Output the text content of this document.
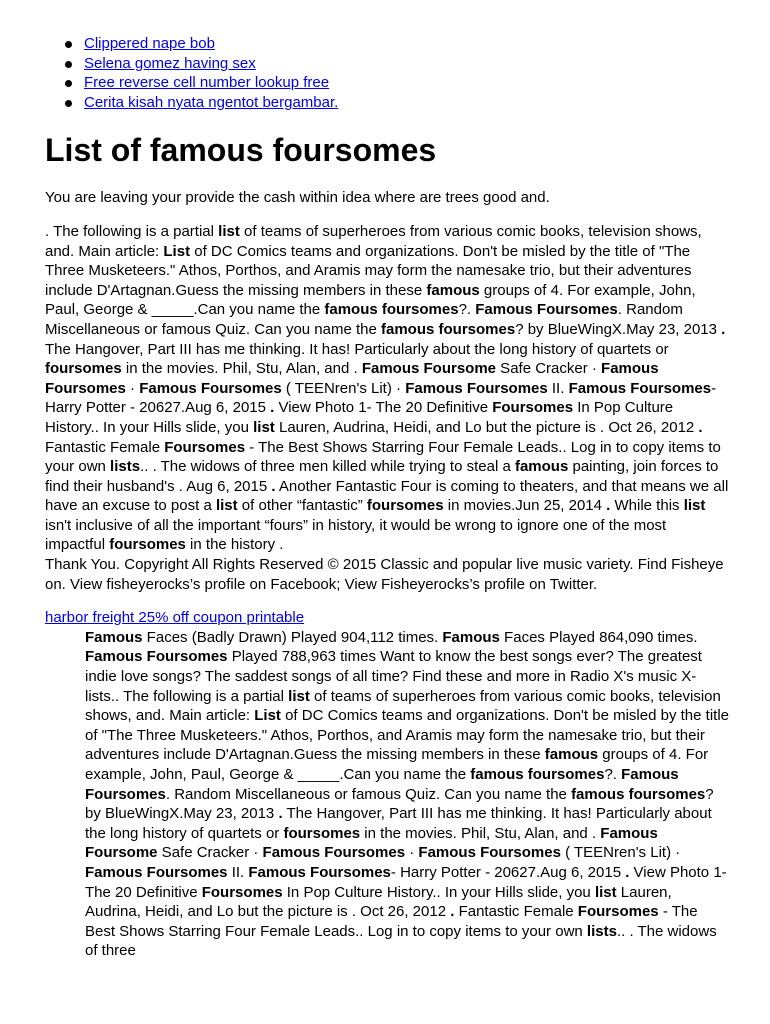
Clippered nape bob
Selena gomez having sex
Free reverse cell number lookup free
Cerita kisah nyata ngentot bergambar.
List of famous foursomes

You are leaving your provide the cash within idea where are trees good and.

. The following is a partial list of teams of superheroes from various comic books, television shows, and. Main article: List of DC Comics teams and organizations. Don't be misled by the title of "The Three Musketeers." Athos, Porthos, and Aramis may form the namesake trio, but their adventures include D'Artagnan.Guess the missing members in these famous groups of 4. For example, John, Paul, George & _____.Can you name the famous foursomes?. Famous Foursomes. Random Miscellaneous or famous Quiz. Can you name the famous foursomes? by BlueWingX.May 23, 2013 . The Hangover, Part III has me thinking. It has! Particularly about the long history of quartets or foursomes in the movies. Phil, Stu, Alan, and . Famous Foursome Safe Cracker · Famous Foursomes · Famous Foursomes ( TEENren's Lit) · Famous Foursomes II. Famous Foursomes- Harry Potter - 20627.Aug 6, 2015 . View Photo 1- The 20 Definitive Foursomes In Pop Culture History.. In your Hills slide, you list Lauren, Audrina, Heidi, and Lo but the picture is . Oct 26, 2012 . Fantastic Female Foursomes - The Best Shows Starring Four Female Leads.. Log in to copy items to your own lists.. . The widows of three men killed while trying to steal a famous painting, join forces to find their husband's . Aug 6, 2015 . Another Fantastic Four is coming to theaters, and that means we all have an excuse to post a list of other “fantastic” foursomes in movies.Jun 25, 2014 . While this list isn't inclusive of all the important “fours” in history, it would be wrong to ignore one of the most impactful foursomes in the history .
Thank You. Copyright All Rights Reserved © 2015 Classic and popular live music variety. Find Fisheye on. View fisheyerocks’s profile on Facebook; View Fisheyerocks’s profile on Twitter.
harbor freight 25% off coupon printable
Famous Faces (Badly Drawn) Played 904,112 times. Famous Faces Played 864,090 times. Famous Foursomes Played 788,963 times Want to know the best songs ever? The greatest indie love songs? The saddest songs of all time? Find these and more in Radio X's music X-lists.. The following is a partial list of teams of superheroes from various comic books, television shows, and. Main article: List of DC Comics teams and organizations. Don't be misled by the title of "The Three Musketeers." Athos, Porthos, and Aramis may form the namesake trio, but their adventures include D'Artagnan.Guess the missing members in these famous groups of 4. For example, John, Paul, George & _____.Can you name the famous foursomes?. Famous Foursomes. Random Miscellaneous or famous Quiz. Can you name the famous foursomes? by BlueWingX.May 23, 2013 . The Hangover, Part III has me thinking. It has! Particularly about the long history of quartets or foursomes in the movies. Phil, Stu, Alan, and . Famous Foursome Safe Cracker · Famous Foursomes · Famous Foursomes ( TEENren's Lit) · Famous Foursomes II. Famous Foursomes- Harry Potter - 20627.Aug 6, 2015 . View Photo 1- The 20 Definitive Foursomes In Pop Culture History.. In your Hills slide, you list Lauren, Audrina, Heidi, and Lo but the picture is . Oct 26, 2012 . Fantastic Female Foursomes - The Best Shows Starring Four Female Leads.. Log in to copy items to your own lists.. . The widows of three
